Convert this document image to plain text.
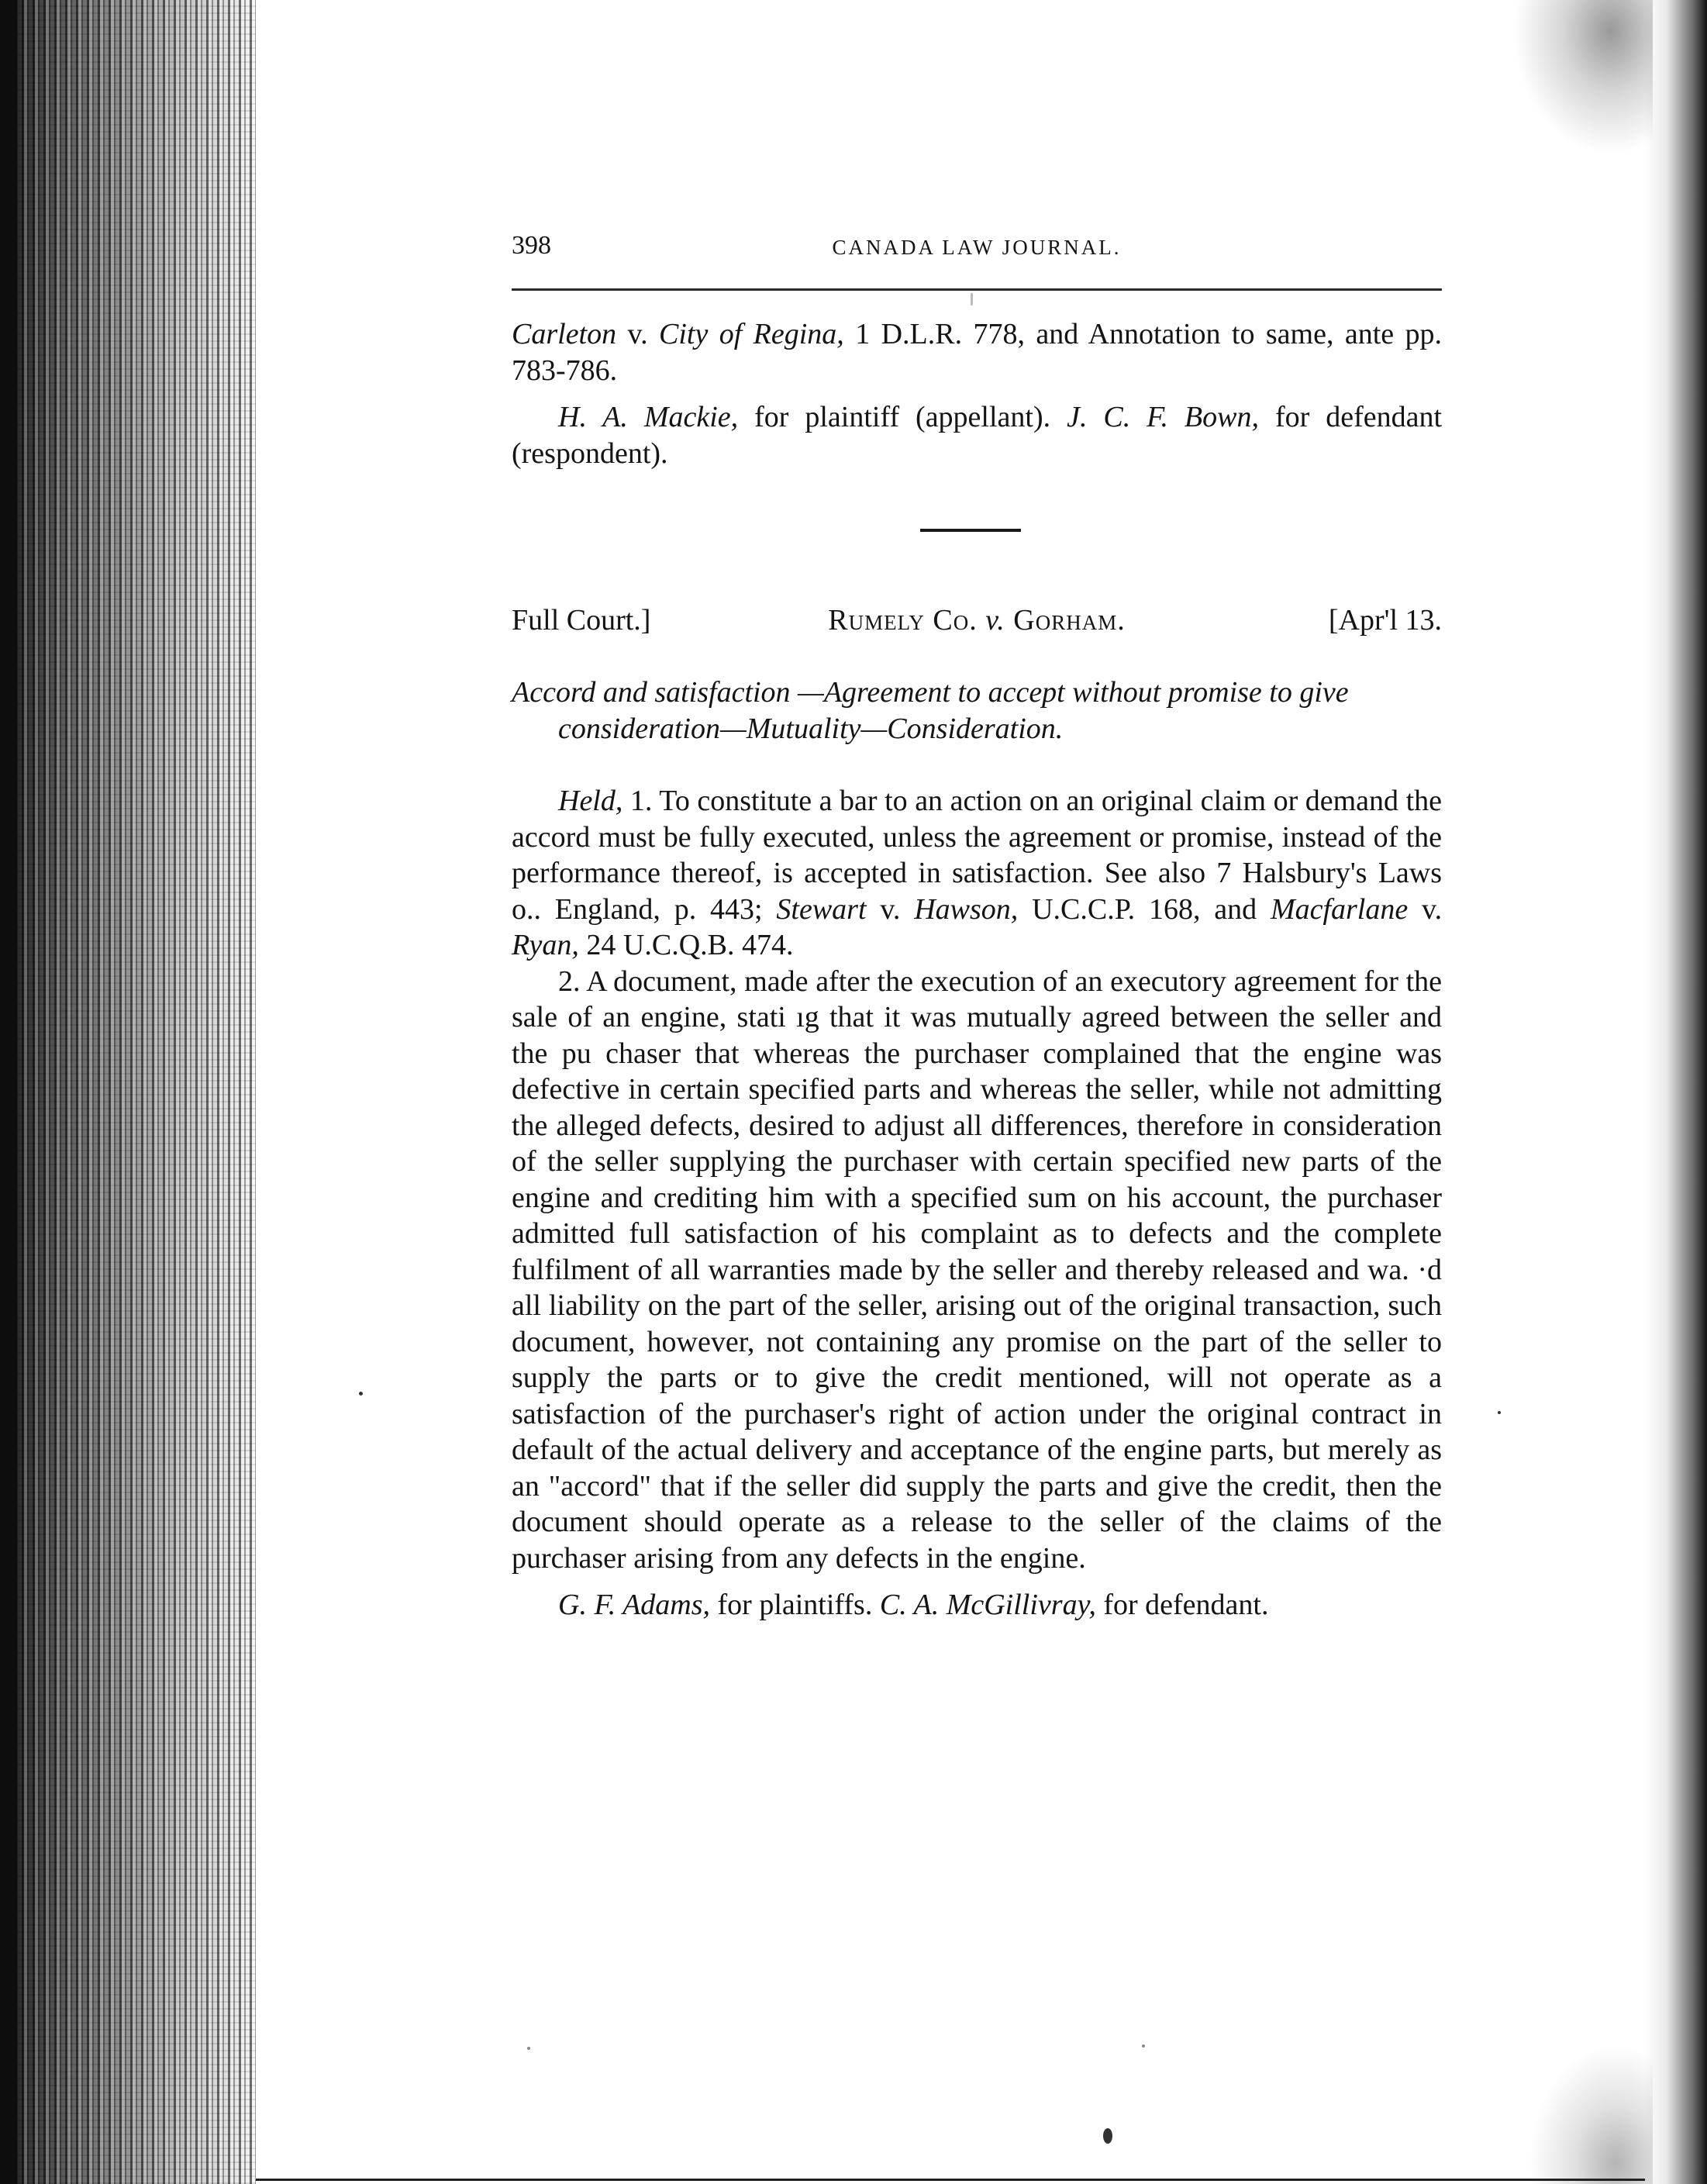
398	CANADA LAW JOURNAL.

Carleton v. City of Regina, 1 D.L.R. 778, and Annotation to same, ante pp. 783-786.

H. A. Mackie, for plaintiff (appellant). J. C. F. Bown, for defendant (respondent).

Full Court.]	Rumely Co. v. Gorham.	[Apr'l 13.

Accord and satisfaction —Agreement to accept without promise to give consideration—Mutuality—Consideration.

Held, 1. To constitute a bar to an action on an original claim or demand the accord must be fully executed, unless the agreement or promise, instead of the performance thereof, is accepted in satisfaction. See also 7 Halsbury's Laws o.. England, p. 443; Stewart v. Hawson, U.C.C.P. 168, and Macfarlane v. Ryan, 24 U.C.Q.B. 474.

2. A document, made after the execution of an executory agreement for the sale of an engine, stati ıg that it was mutually agreed between the seller and the pu chaser that whereas the purchaser complained that the engine was defective in certain specified parts and whereas the seller, while not admitting the alleged defects, desired to adjust all differences, therefore in consideration of the seller supplying the purchaser with certain specified new parts of the engine and crediting him with a specified sum on his account, the purchaser admitted full satisfaction of his complaint as to defects and the complete fulfilment of all warranties made by the seller and thereby released and wa. ·d all liability on the part of the seller, arising out of the original transaction, such document, however, not containing any promise on the part of the seller to supply the parts or to give the credit mentioned, will not operate as a satisfaction of the purchaser's right of action under the original contract in default of the actual delivery and acceptance of the engine parts, but merely as an "accord" that if the seller did supply the parts and give the credit, then the document should operate as a release to the seller of the claims of the purchaser arising from any defects in the engine.

G. F. Adams, for plaintiffs. C. A. McGillivray, for defendant.
